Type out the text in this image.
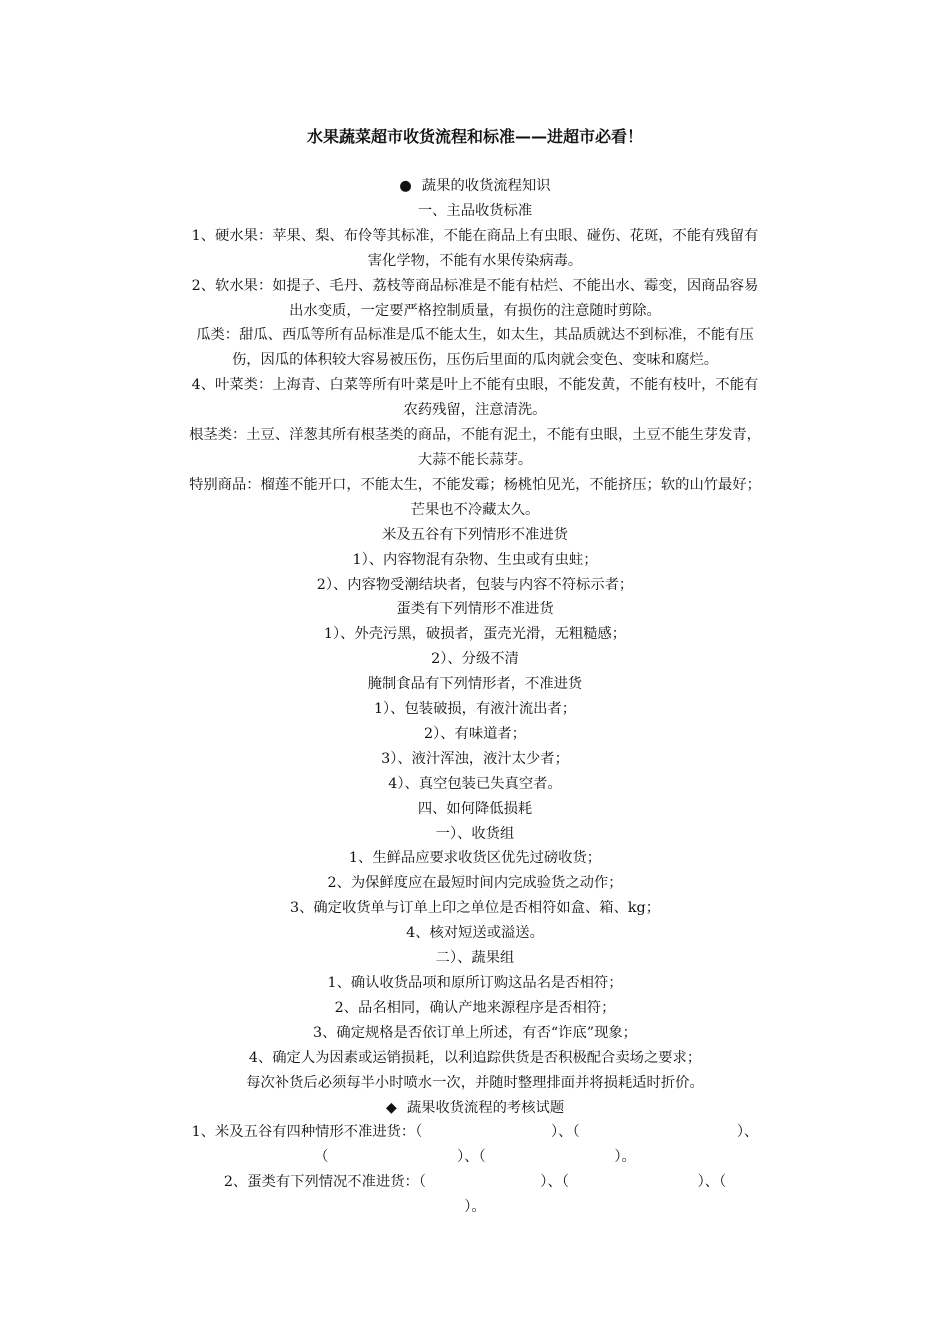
水果蔬菜超市收货流程和标准——进超市必看！
● 蔬果的收货流程知识
一、主品收货标准

1、硬水果：苹果、梨、布伶等其标准，不能在商品上有虫眼、碰伤、花斑，不能有残留有
害化学物，不能有水果传染病毒。

2、软水果：如提子、毛丹、荔枝等商品标准是不能有枯烂、不能出水、霉变，因商品容易
出水变质，一定要严格控制质量，有损伤的注意随时剪除。

瓜类：甜瓜、西瓜等所有品标准是瓜不能太生，如太生，其品质就达不到标准，不能有压
伤，因瓜的体积较大容易被压伤，压伤后里面的瓜肉就会变色、变味和腐烂。

4、叶菜类：上海青、白菜等所有叶菜是叶上不能有虫眼，不能发黄，不能有枝叶，不能有
农药残留，注意清洗。

根茎类：土豆、洋葱其所有根茎类的商品，不能有泥土，不能有虫眼，土豆不能生芽发青，
大蒜不能长蒜芽。

特别商品：榴莲不能开口，不能太生，不能发霉；杨桃怕见光，不能挤压；软的山竹最好；
芒果也不冷藏太久。

米及五谷有下列情形不准进货
1）、内容物混有杂物、生虫或有虫蛀；
2）、内容物受潮结块者，包装与内容不符标示者；
蛋类有下列情形不准进货
1）、外壳污黑，破损者，蛋壳光滑，无粗糙感；
2）、分级不清
腌制食品有下列情形者，不准进货
1）、包装破损，有液汁流出者；
2）、有味道者；
3）、液汁浑浊，液汁太少者；
4）、真空包装已失真空者。
四、如何降低损耗
一）、收货组
1、生鲜品应要求收货区优先过磅收货；
2、为保鲜度应在最短时间内完成验货之动作；
3、确定收货单与订单上印之单位是否相符如盒、箱、kg；
4、核对短送或溢送。
二）、蔬果组
1、确认收货品项和原所订购这品名是否相符；
2、品名相同，确认产地来源程序是否相符；
3、确定规格是否依订单上所述，有否“诈底”现象；
4、确定人为因素或运销损耗，以利追踪供货是否积极配合卖场之要求；
每次补货后必须每半小时喷水一次，并随时整理排面并将损耗适时折价。
◆ 蔬果收货流程的考核试题
1、米及五谷有四种情形不准进货：（　　　　　　　　　）、（　　　　　　　　　　　）、
（　　　　　　　　　）、（　　　　　　　　　）。
2、蛋类有下列情况不准进货：（　　　　　　　　）、（　　　　　　　　　）、（
）。
